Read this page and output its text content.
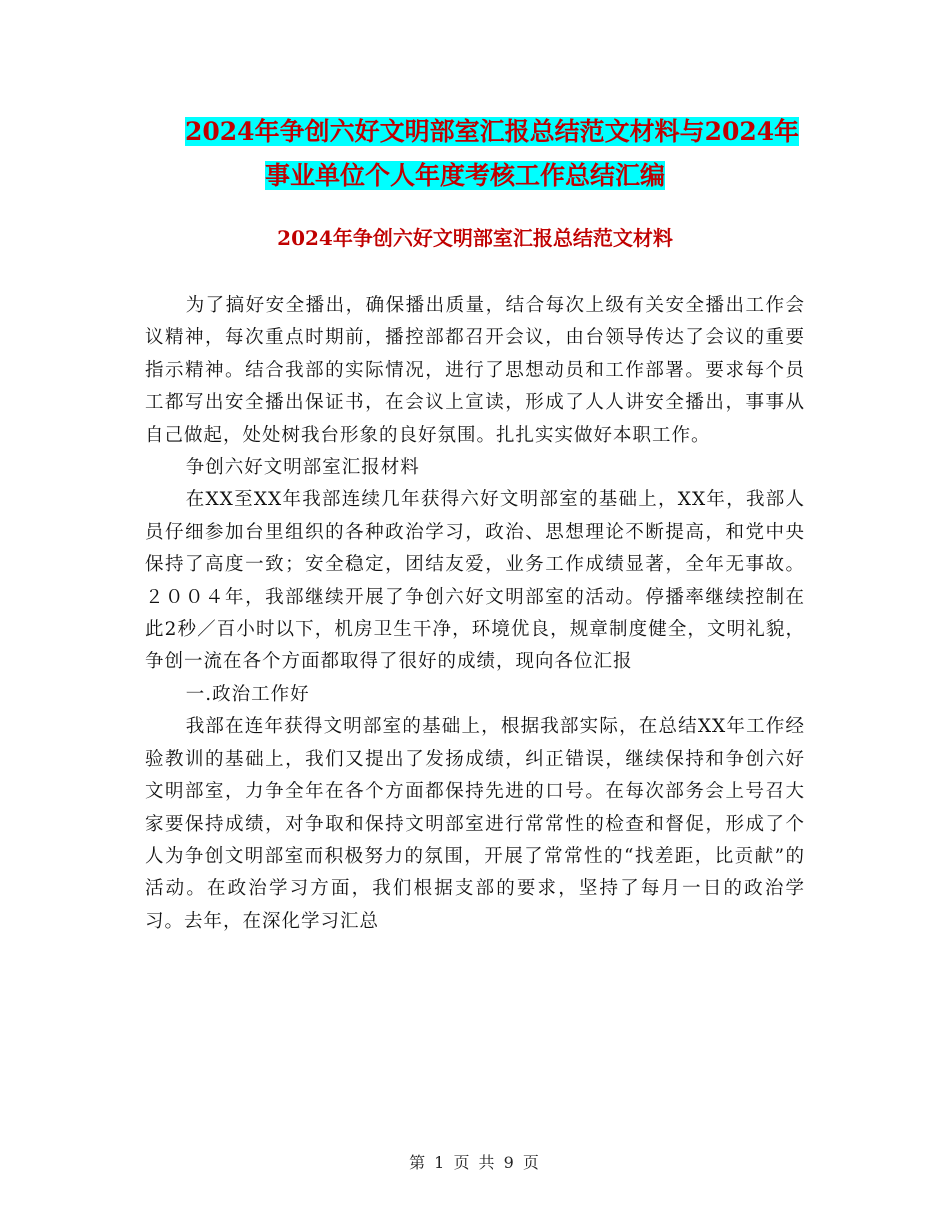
2024年争创六好文明部室汇报总结范文材料与2024年
事业单位个人年度考核工作总结汇编
2024年争创六好文明部室汇报总结范文材料

为了搞好安全播出，确保播出质量，结合每次上级有关安全播出工作会议精神，每次重点时期前，播控部都召开会议，由台领导传达了会议的重要指示精神。结合我部的实际情况，进行了思想动员和工作部署。要求每个员工都写出安全播出保证书，在会议上宣读，形成了人人讲安全播出，事事从自己做起，处处树我台形象的良好氛围。扎扎实实做好本职工作。

争创六好文明部室汇报材料

在XX至XX年我部连续几年获得六好文明部室的基础上，XX年，我部人员仔细参加台里组织的各种政治学习，政治、思想理论不断提高，和党中央保持了高度一致；安全稳定，团结友爱，业务工作成绩显著，全年无事故。２００４年，我部继续开展了争创六好文明部室的活动。停播率继续控制在此2秒／百小时以下，机房卫生干净，环境优良，规章制度健全，文明礼貌，争创一流在各个方面都取得了很好的成绩，现向各位汇报

一.政治工作好

我部在连年获得文明部室的基础上，根据我部实际，在总结XX年工作经验教训的基础上，我们又提出了发扬成绩，纠正错误，继续保持和争创六好文明部室，力争全年在各个方面都保持先进的口号。在每次部务会上号召大家要保持成绩，对争取和保持文明部室进行常常性的检查和督促，形成了个人为争创文明部室而积极努力的氛围，开展了常常性的“找差距，比贡献”的活动。在政治学习方面，我们根据支部的要求，坚持了每月一日的政治学习。去年，在深化学习汇总

第 1 页 共 9 页
